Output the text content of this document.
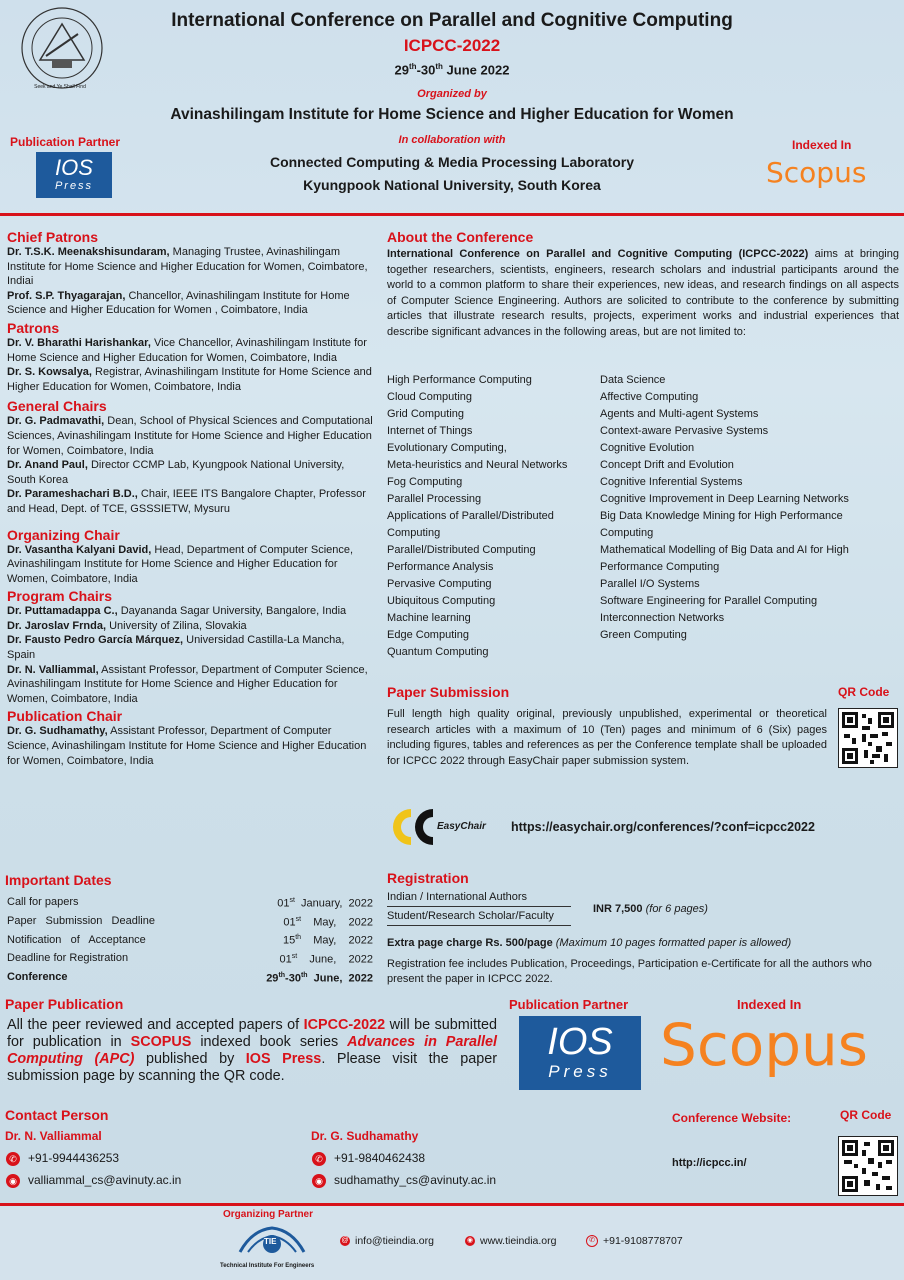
Seek and Ye Shall Find
International Conference on Parallel and Cognitive Computing
ICPCC-2022
29th-30th June 2022
Organized by
Avinashilingam Institute for Home Science and Higher Education for Women
In collaboration with
Connected Computing & Media Processing Laboratory
Kyungpook National University, South Korea
Publication Partner
IOS
Press
Indexed In
Scopus
Chief Patrons
Dr. T.S.K. Meenakshisundaram, Managing Trustee, Avinashilingam Institute for Home Science and Higher Education for Women, Coimbatore, Indiai
Prof. S.P. Thyagarajan, Chancellor, Avinashilingam Institute for Home Science and Higher Education for Women , Coimbatore, India
Patrons
Dr. V. Bharathi Harishankar, Vice Chancellor, Avinashilingam Institute for Home Science and Higher Education for Women, Coimbatore, India
Dr. S. Kowsalya, Registrar, Avinashilingam Institute for Home Science and Higher Education for Women, Coimbatore, India
General Chairs
Dr. G. Padmavathi, Dean, School of Physical Sciences and Computational Sciences, Avinashilingam Institute for Home Science and Higher Education for Women, Coimbatore, India
Dr. Anand Paul, Director CCMP Lab, Kyungpook National University, South Korea
Dr. Parameshachari B.D., Chair, IEEE ITS Bangalore Chapter, Professor and Head, Dept. of TCE, GSSSIETW, Mysuru
Organizing Chair
Dr. Vasantha Kalyani David, Head, Department of Computer Science, Avinashilingam Institute for Home Science and Higher Education for Women, Coimbatore, India
Program Chairs
Dr. Puttamadappa C., Dayananda Sagar University, Bangalore, India
Dr. Jaroslav Frnda, University of Zilina, Slovakia
Dr. Fausto Pedro García Márquez, Universidad Castilla-La Mancha, Spain
Dr. N. Valliammal, Assistant Professor, Department of Computer Science, Avinashilingam Institute for Home Science and Higher Education for Women, Coimbatore, India
Publication Chair
Dr. G. Sudhamathy, Assistant Professor, Department of Computer Science, Avinashilingam Institute for Home Science and Higher Education for Women, Coimbatore, India
About the Conference
International Conference on Parallel and Cognitive Computing (ICPCC-2022) aims at bringing together researchers, scientists, engineers, research scholars and industrial participants around the world to a common platform to share their experiences, new ideas, and research findings on all aspects of Computer Science Engineering. Authors are solicited to contribute to the conference by submitting articles that illustrate research results, projects, experiment works and industrial experiences that describe significant advances in the following areas, but are not limited to:
High Performance Computing
Cloud Computing
Grid Computing
Internet of Things
Evolutionary Computing,
Meta-heuristics and Neural Networks
Fog Computing
Parallel Processing
Applications of Parallel/Distributed
Computing
Parallel/Distributed Computing
Performance Analysis
Pervasive Computing
Ubiquitous Computing
Machine learning
Edge Computing
Quantum Computing
Data Science
Affective Computing
Agents and Multi-agent Systems
Context-aware Pervasive Systems
Cognitive Evolution
Concept Drift and Evolution
Cognitive Inferential Systems
Cognitive Improvement in Deep Learning Networks
Big Data Knowledge Mining for High Performance
Computing
Mathematical Modelling of Big Data and AI for High
Performance Computing
Parallel I/O Systems
Software Engineering for Parallel Computing
Interconnection Networks
Green Computing
Paper Submission	QR Code
Full length high quality original, previously unpublished, experimental or theoretical research articles with a maximum of 10 (Ten) pages and minimum of 6 (Six) pages including figures, tables and references as per the Conference template shall be uploaded for ICPCC 2022 through EasyChair paper submission system.
EasyChair https://easychair.org/conferences/?conf=icpcc2022
Important Dates
Call for papers	01st  January,  2022
Paper   Submission   Deadline	01st    May,    2022
Notification   of   Acceptance	15th    May,    2022
Deadline for Registration	01st    June,    2022
Conference	29th-30th  June,  2022
Registration
Indian / International Authors
Student/Research Scholar/Faculty
INR 7,500 (for 6 pages)
Extra page charge Rs. 500/page (Maximum 10 pages formatted paper is allowed)
Registration fee includes Publication, Proceedings, Participation e-Certificate for all the authors who present the paper in ICPCC 2022.
Paper Publication
All the peer reviewed and accepted papers of ICPCC-2022 will be submitted for publication in SCOPUS indexed book series Advances in Parallel Computing (APC) published by IOS Press. Please visit the paper submission page by scanning the QR code.
Publication Partner	Indexed In
IOS
Press Scopus
Contact Person
Dr. N. Valliammal
✆ +91-9944436253
◉ valliammal_cs@avinuty.ac.in
Dr. G. Sudhamathy
✆ +91-9840462438
◉ sudhamathy_cs@avinuty.ac.in
Conference Website:	QR Code
http://icpcc.in/
Organizing Partner
TIE
Technical Institute For Engineers
@ info@tieindia.org	◉ www.tieindia.org	✆ +91-9108778707
